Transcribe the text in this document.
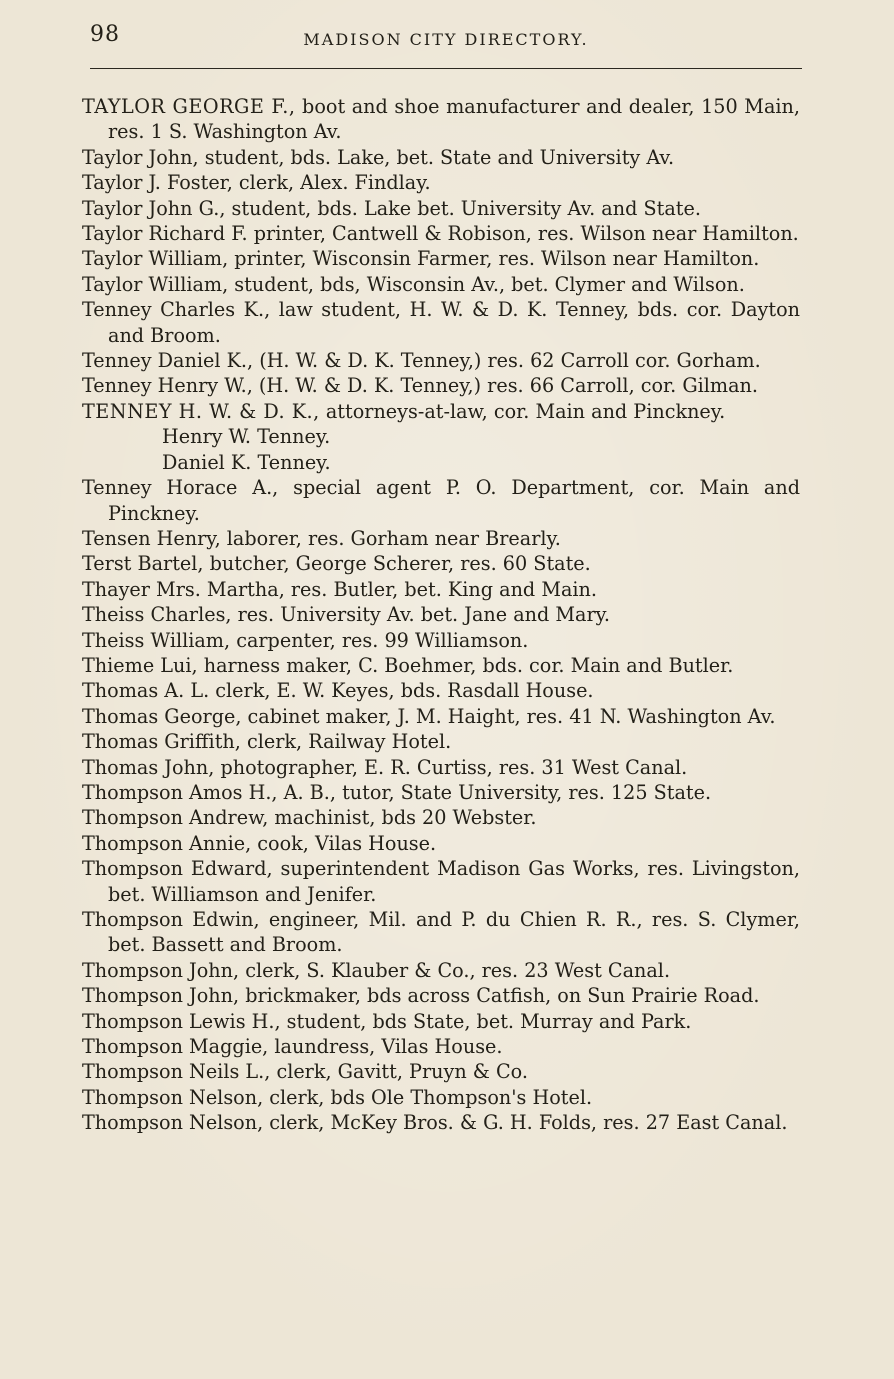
98	MADISON CITY DIRECTORY.

TAYLOR GEORGE F., boot and shoe manufacturer and dealer, 150 Main, res. 1 S. Washington Av.

Taylor John, student, bds. Lake, bet. State and University Av.

Taylor J. Foster, clerk, Alex. Findlay.

Taylor John G., student, bds. Lake bet. University Av. and State.

Taylor Richard F. printer, Cantwell & Robison, res. Wilson near Hamilton.

Taylor William, printer, Wisconsin Farmer, res. Wilson near Hamilton.

Taylor William, student, bds, Wisconsin Av., bet. Clymer and Wilson.

Tenney Charles K., law student, H. W. & D. K. Tenney, bds. cor. Dayton and Broom.

Tenney Daniel K., (H. W. & D. K. Tenney,) res. 62 Carroll cor. Gorham.

Tenney Henry W., (H. W. & D. K. Tenney,) res. 66 Carroll, cor. Gilman.

TENNEY H. W. & D. K., attorneys-at-law, cor. Main and Pinckney.

Henry W. Tenney.

Daniel K. Tenney.

Tenney Horace A., special agent P. O. Department, cor. Main and Pinckney.

Tensen Henry, laborer, res. Gorham near Brearly.

Terst Bartel, butcher, George Scherer, res. 60 State.

Thayer Mrs. Martha, res. Butler, bet. King and Main.

Theiss Charles, res. University Av. bet. Jane and Mary.

Theiss William, carpenter, res. 99 Williamson.

Thieme Lui, harness maker, C. Boehmer, bds. cor. Main and Butler.

Thomas A. L. clerk, E. W. Keyes, bds. Rasdall House.

Thomas George, cabinet maker, J. M. Haight, res. 41 N. Washington Av.

Thomas Griffith, clerk, Railway Hotel.

Thomas John, photographer, E. R. Curtiss, res. 31 West Canal.

Thompson Amos H., A. B., tutor, State University, res. 125 State.

Thompson Andrew, machinist, bds 20 Webster.

Thompson Annie, cook, Vilas House.

Thompson Edward, superintendent Madison Gas Works, res. Livingston, bet. Williamson and Jenifer.

Thompson Edwin, engineer, Mil. and P. du Chien R. R., res. S. Clymer, bet. Bassett and Broom.

Thompson John, clerk, S. Klauber & Co., res. 23 West Canal.

Thompson John, brickmaker, bds across Catfish, on Sun Prairie Road.

Thompson Lewis H., student, bds State, bet. Murray and Park.

Thompson Maggie, laundress, Vilas House.

Thompson Neils L., clerk, Gavitt, Pruyn & Co.

Thompson Nelson, clerk, bds Ole Thompson's Hotel.

Thompson Nelson, clerk, McKey Bros. & G. H. Folds, res. 27 East Canal.
